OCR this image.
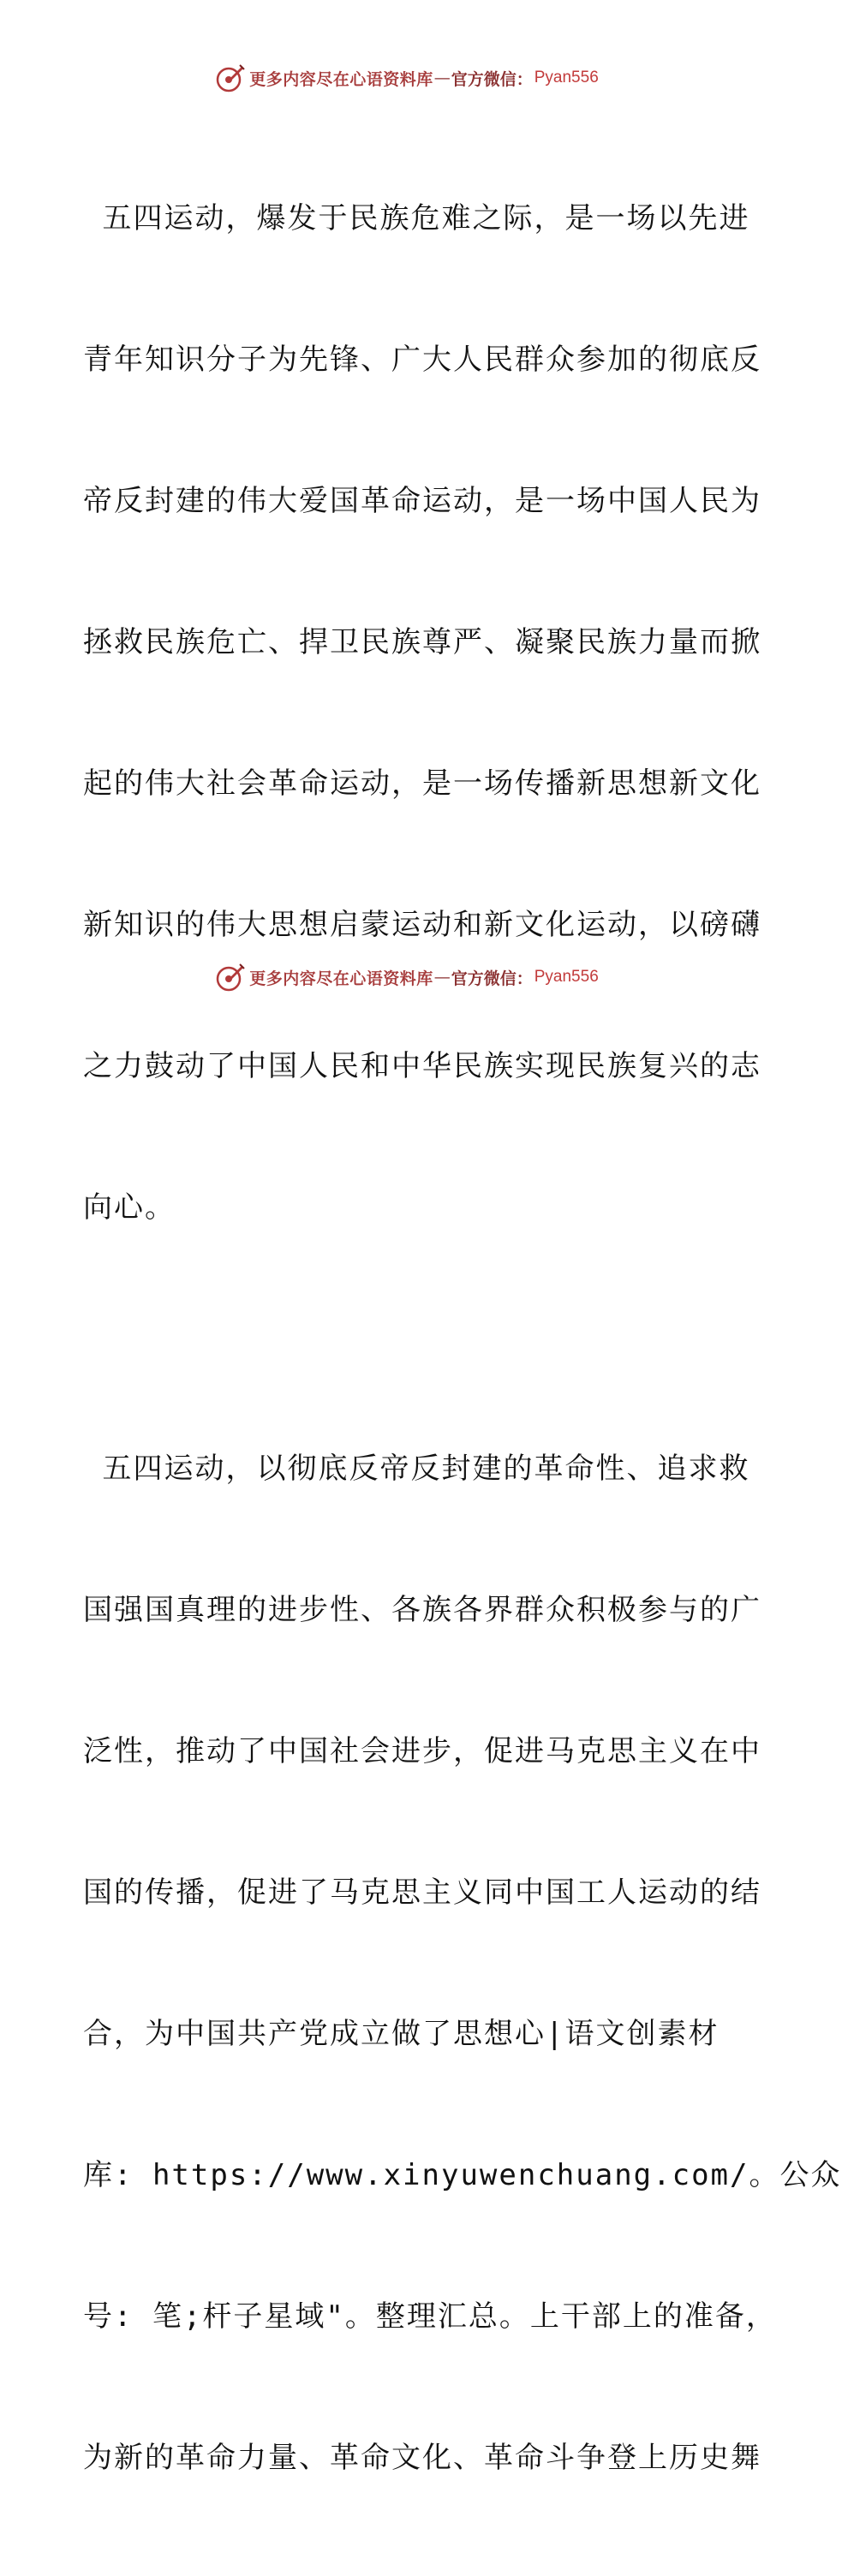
更多内容尽在心语资料库 — 官方微信： Pyan556

五四运动，爆发于民族危难之际，是一场以先进

青年知识分子为先锋、广大人民群众参加的彻底反

帝反封建的伟大爱国革命运动，是一场中国人民为

拯救民族危亡、捍卫民族尊严、凝聚民族力量而掀

起的伟大社会革命运动，是一场传播新思想新文化

新知识的伟大思想启蒙运动和新文化运动，以磅礴

之力鼓动了中国人民和中华民族实现民族复兴的志

向心。

五四运动，以彻底反帝反封建的革命性、追求救

国强国真理的进步性、各族各界群众积极参与的广

泛性，推动了中国社会进步，促进马克思主义在中

国的传播，促进了马克思主义同中国工人运动的结

合，为中国共产党成立做了思想心|语文创素材

库: https://www.xinyuwenchuang.com/。公众

号: 笔;杆子星域"。整理汇总。上干部上的准备，

为新的革命力量、革命文化、革命斗争登上历史舞

更多内容尽在心语资料库 — 官方微信： Pyan556
